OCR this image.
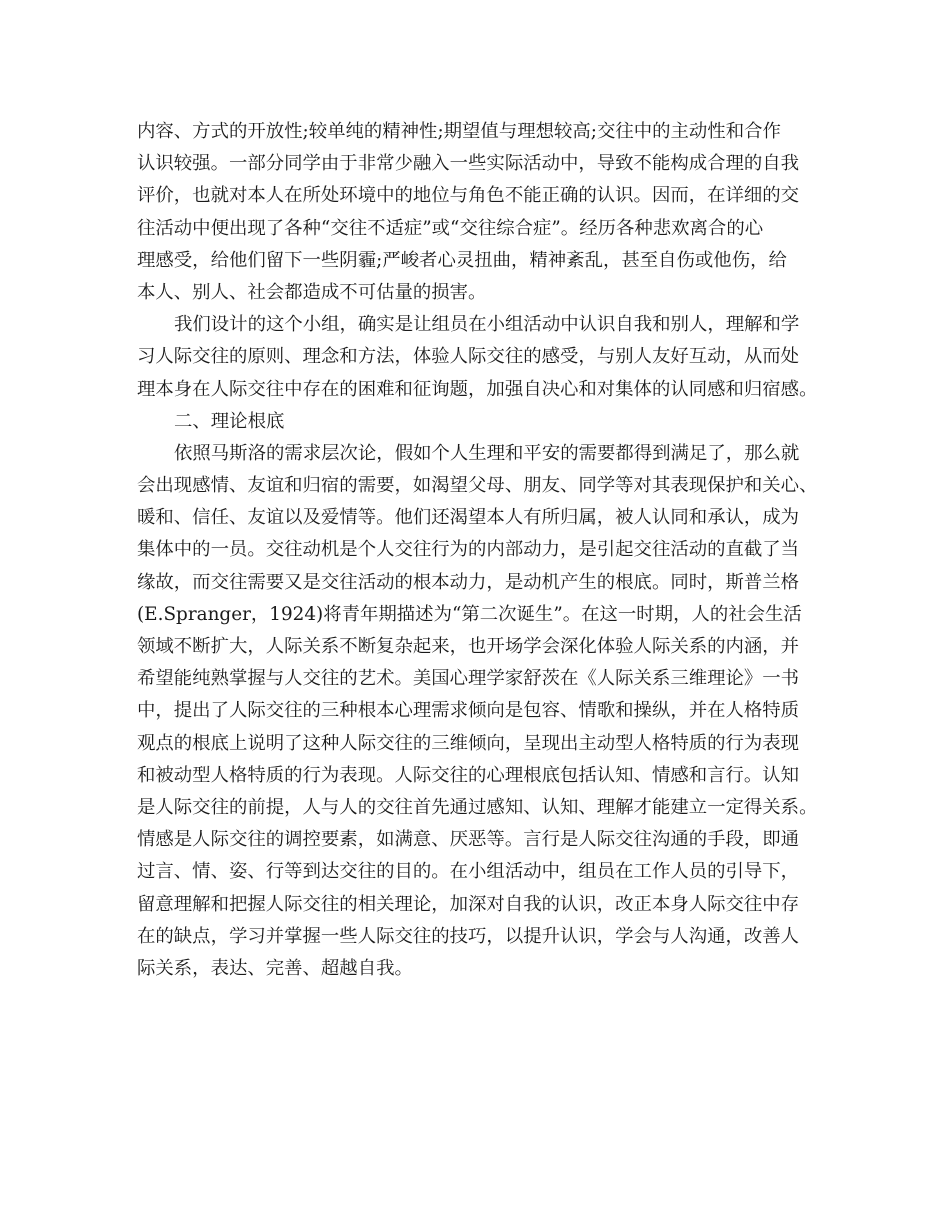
内容、方式的开放性;较单纯的精神性;期望值与理想较高;交往中的主动性和合作
认识较强。一部分同学由于非常少融入一些实际活动中，导致不能构成合理的自我
评价，也就对本人在所处环境中的地位与角色不能正确的认识。因而，在详细的交
往活动中便出现了各种“交往不适症”或“交往综合症”。经历各种悲欢离合的心
理感受，给他们留下一些阴霾;严峻者心灵扭曲，精神紊乱，甚至自伤或他伤，给
本人、别人、社会都造成不可估量的损害。
我们设计的这个小组，确实是让组员在小组活动中认识自我和别人，理解和学
习人际交往的原则、理念和方法，体验人际交往的感受，与别人友好互动，从而处
理本身在人际交往中存在的困难和征询题，加强自决心和对集体的认同感和归宿感。
二、理论根底
依照马斯洛的需求层次论，假如个人生理和平安的需要都得到满足了，那么就
会出现感情、友谊和归宿的需要，如渴望父母、朋友、同学等对其表现保护和关心、
暖和、信任、友谊以及爱情等。他们还渴望本人有所归属，被人认同和承认，成为
集体中的一员。交往动机是个人交往行为的内部动力，是引起交往活动的直截了当
缘故，而交往需要又是交往活动的根本动力，是动机产生的根底。同时，斯普兰格
(E.Spranger，1924)将青年期描述为“第二次诞生”。在这一时期，人的社会生活
领域不断扩大，人际关系不断复杂起来，也开场学会深化体验人际关系的内涵，并
希望能纯熟掌握与人交往的艺术。美国心理学家舒茨在《人际关系三维理论》一书
中，提出了人际交往的三种根本心理需求倾向是包容、情歌和操纵，并在人格特质
观点的根底上说明了这种人际交往的三维倾向，呈现出主动型人格特质的行为表现
和被动型人格特质的行为表现。人际交往的心理根底包括认知、情感和言行。认知
是人际交往的前提，人与人的交往首先通过感知、认知、理解才能建立一定得关系。
情感是人际交往的调控要素，如满意、厌恶等。言行是人际交往沟通的手段，即通
过言、情、姿、行等到达交往的目的。在小组活动中，组员在工作人员的引导下，
留意理解和把握人际交往的相关理论，加深对自我的认识，改正本身人际交往中存
在的缺点，学习并掌握一些人际交往的技巧，以提升认识，学会与人沟通，改善人
际关系，表达、完善、超越自我。
